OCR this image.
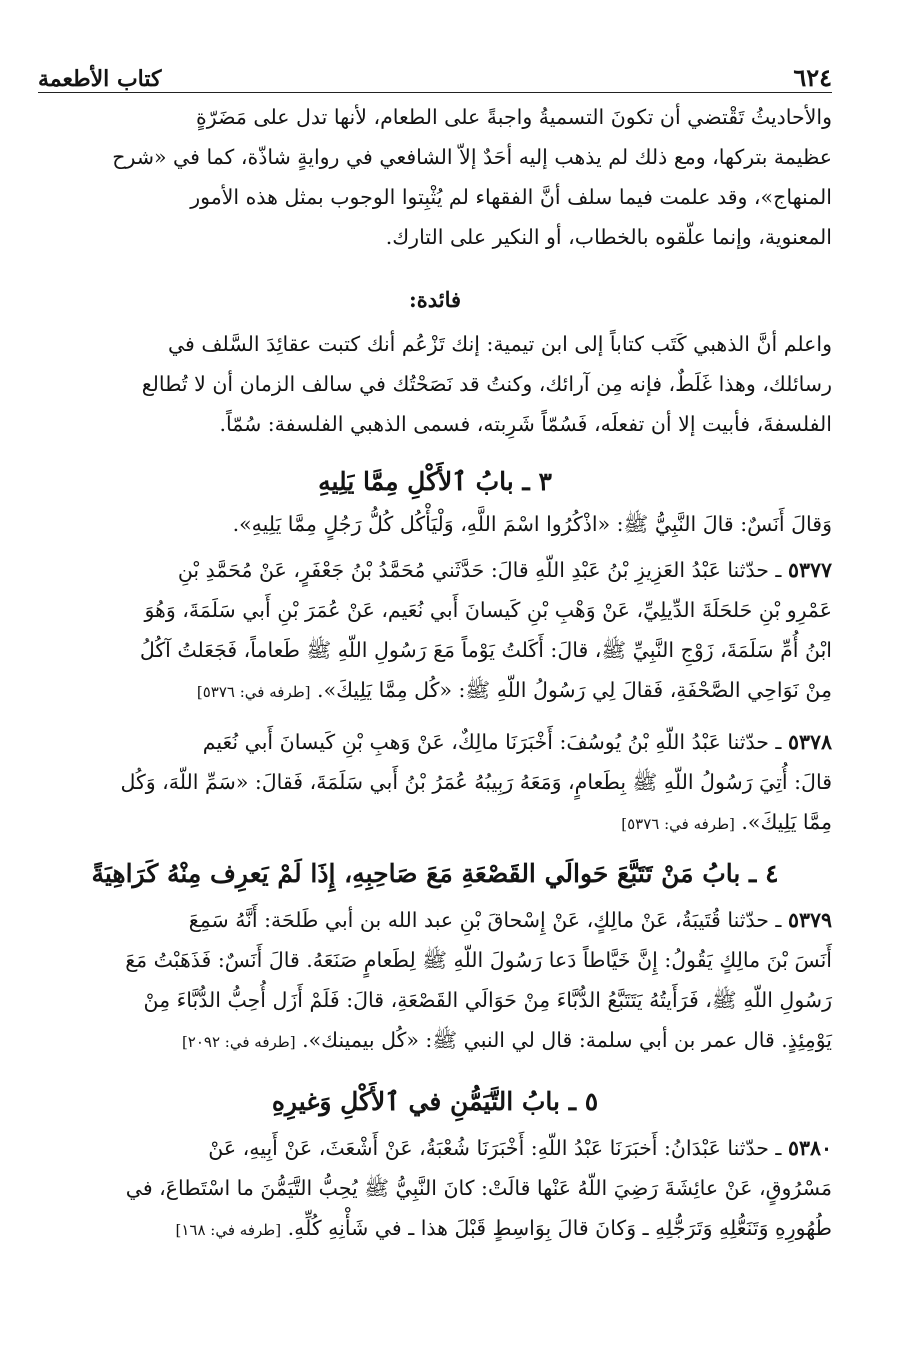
٦٢٤
كتاب الأطعمة

والأحاديثُ تَقْتضي أن تكونَ التسميةُ واجبةً على الطعام، لأنها تدل على مَضَرّةٍ

عظيمة بتركها، ومع ذلك لم يذهب إليه أحَدٌ إلاّ الشافعي في روايةٍ شاذّة، كما في «شرح

المنهاج»، وقد علمت فيما سلف أنَّ الفقهاء لم يُثْبِتوا الوجوب بمثل هذه الأمور

المعنوية، وإنما علّقوه بالخطاب، أو النكير على التارك.

فائدة:

واعلم أنَّ الذهبي كَتَب كتاباً إلى ابن تيمية: إنك تَزْعُم أنك كتبت عقائِدَ السَّلف في

رسائلك، وهذا غَلَطٌ، فإنه مِن آرائك، وكنتُ قد نَصَحْتُك في سالف الزمان أن لا تُطالع

الفلسفةَ، فأبيت إلا أن تفعلَه، فَسُمّاً شَرِبته، فسمى الذهبي الفلسفة: سُمّاً.

٣ ـ بابُ ٱلأَكْلِ مِمَّا يَلِيهِ

وَقالَ أَنَسٌ: قالَ النَّبِيُّ ﷺ: «اذْكُرُوا اسْمَ اللَّهِ، وَلْيَأْكُل كُلُّ رَجُلٍ مِمَّا يَلِيهِ».

٥٣٧٧ ـ حدّثنا عَبْدُ العَزِيزِ بْنُ عَبْدِ اللّهِ قالَ: حَدَّثَني مُحَمَّدُ بْنُ جَعْفَرٍ، عَنْ مُحَمَّدِ بْنِ

عَمْرِو بْنِ حَلحَلَةَ الدِّيلِيِّ، عَنْ وَهْبِ بْنِ كَيسانَ أَبي نُعَيم، عَنْ عُمَرَ بْنِ أَبي سَلَمَةَ، وَهُوَ

ابْنُ أُمِّ سَلَمَةَ، زَوْجِ النَّبِيِّ ﷺ، قالَ: أَكَلتُ يَوْماً مَعَ رَسُولِ اللّهِ ﷺ طَعاماً، فَجَعَلتُ آكُلُ

مِنْ نَوَاحِي الصَّحْفَةِ، فَقالَ لِي رَسُولُ اللّهِ ﷺ: «كُل مِمَّا يَلِيكَ». [طرفه في: ٥٣٧٦]

٥٣٧٨ ـ حدّثنا عَبْدُ اللّهِ بْنُ يُوسُفَ: أَخْبَرَنَا مالِكٌ، عَنْ وَهبِ بْنِ كَيسانَ أَبي نُعَيم

قالَ: أُتِيَ رَسُولُ اللّهِ ﷺ بِطَعامٍ، وَمَعَهُ رَبِيبُهُ عُمَرُ بْنُ أَبي سَلَمَةَ، فَقالَ: «سَمِّ اللّهَ، وَكُل

مِمَّا يَلِيكَ». [طرفه في: ٥٣٧٦]

٤ ـ بابُ مَنْ تَتَبَّعَ حَوالَي القَصْعَةِ مَعَ صَاحِبِهِ، إِذَا لَمْ يَعرِف مِنْهُ كَرَاهِيَةً

٥٣٧٩ ـ حدّثنا قُتَيبَةُ، عَنْ مالِكٍ، عَنْ إِسْحاقَ بْنِ عبد الله بن أبي طَلحَة: أَنَّهُ سَمِعَ

أَنَسَ بْنَ مالِكٍ يَقُولُ: إِنَّ خَيَّاطاً دَعا رَسُولَ اللّهِ ﷺ لِطَعامٍ صَنَعَهُ. قالَ أَنَسٌ: فَذَهَبْتُ مَعَ

رَسُولِ اللّهِ ﷺ، فَرَأَيتُهُ يَتَتَبَّعُ الدُّبَّاءَ مِنْ حَوَالَي القَصْعَةِ، قالَ: فَلَمْ أَزَل أُحِبُّ الدُّبَّاءَ مِنْ

يَوْمِئِذٍ. قال عمر بن أبي سلمة: قال لي النبي ﷺ: «كُل بيمينك». [طرفه في: ٢٠٩٢]

٥ ـ بابُ التَّيَمُّنِ في ٱلأَكْلِ وَغيرِهِ

٥٣٨٠ ـ حدّثنا عَبْدَانُ: أَخبَرَنَا عَبْدُ اللّهِ: أَخْبَرَنَا شُعْبَةُ، عَنْ أَشْعَثَ، عَنْ أَبِيهِ، عَنْ

مَسْرُوقٍ، عَنْ عائِشَةَ رَضِيَ اللّهُ عَنْها قالَتْ: كانَ النَّبِيُّ ﷺ يُحِبُّ التَّيَمُّنَ ما اسْتَطاعَ، في

طُهُورِهِ وَتَنَعُّلِهِ وَتَرَجُّلِهِ ـ وَكانَ قالَ بِوَاسِطٍ قَبْلَ هذا ـ في شَأْنِهِ كُلِّهِ. [طرفه في: ١٦٨]
